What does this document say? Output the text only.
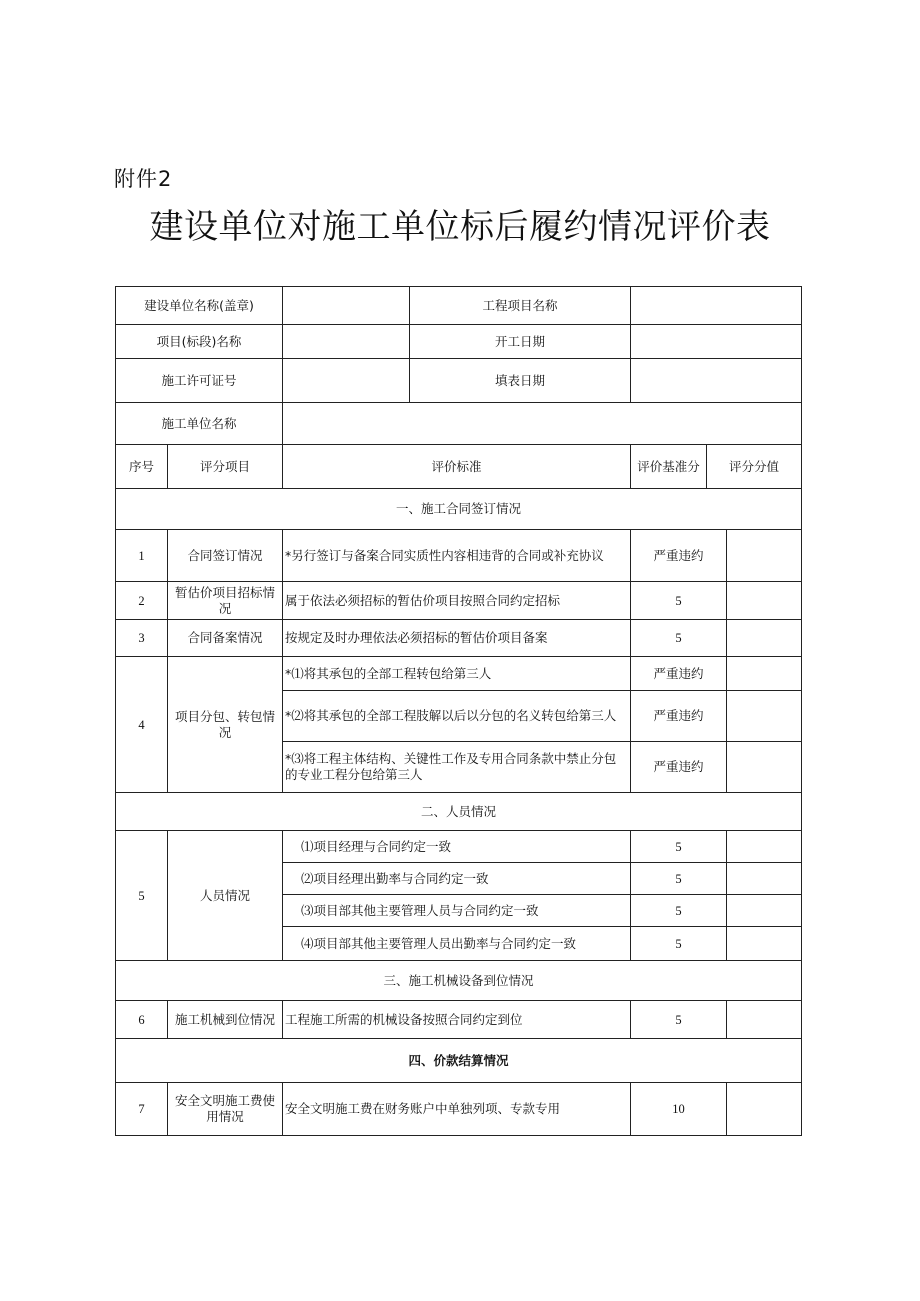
附件2
建设单位对施工单位标后履约情况评价表
建设单位名称(盖章)			工程项目名称			
项目(标段)名称			开工日期			
施工许可证号			填表日期			
施工单位名称						
序号	评分项目	评价标准		评价基准分	评分分值	
一、施工合同签订情况						
1	合同签订情况	*另行签订与备案合同实质性内容相违背的合同或补充协议		严重违约		
2	暂估价项目招标情况	属于依法必须招标的暂估价项目按照合同约定招标		5		
3	合同备案情况	按规定及时办理依法必须招标的暂估价项目备案		5		
4	项目分包、转包情况	*⑴将其承包的全部工程转包给第三人		严重违约		
		*⑵将其承包的全部工程肢解以后以分包的名义转包给第三人		严重违约		
		*⑶将工程主体结构、关键性工作及专用合同条款中禁止分包的专业工程分包给第三人		严重违约		
二、人员情况						
5	人员情况	⑴项目经理与合同约定一致		5		
		⑵项目经理出勤率与合同约定一致		5		
		⑶项目部其他主要管理人员与合同约定一致		5		
		⑷项目部其他主要管理人员出勤率与合同约定一致		5		
三、施工机械设备到位情况						
6	施工机械到位情况	工程施工所需的机械设备按照合同约定到位		5		
四、价款结算情况						
7	安全文明施工费使用情况	安全文明施工费在财务账户中单独列项、专款专用		10		
